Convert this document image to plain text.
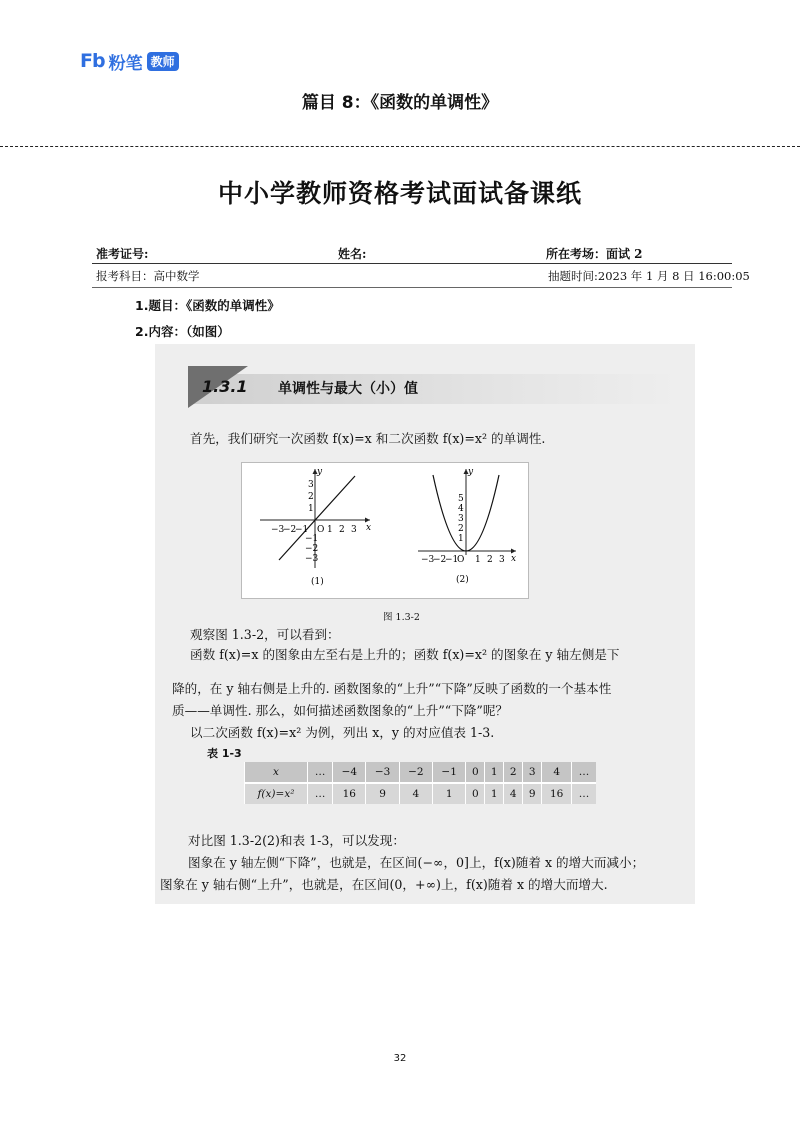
Fb 粉笔 教师
篇目 8：《函数的单调性》
中小学教师资格考试面试备课纸
准考证号:	姓名:	所在考场：面试 2
报考科目：高中数学	抽题时间:2023 年 1 月 8 日 16:00:05
1.题目：《函数的单调性》
2.内容：（如图）
1.3.1 单调性与最大（小）值
首先，我们研究一次函数 f(x)=x 和二次函数 f(x)=x² 的单调性.
−3
−2
−1 O 1 2 3 x
3
2
1
−1
−2
−3
y
(1)
−3
−2
−1
O 1 2 3 x
5
4
3
2
1
y
(2)
图 1.3-2
观察图 1.3-2，可以看到：
函数 f(x)=x 的图象由左至右是上升的；函数 f(x)=x² 的图象在 y 轴左侧是下
降的，在 y 轴右侧是上升的. 函数图象的“上升”“下降”反映了函数的一个基本性
质——单调性. 那么，如何描述函数图象的“上升”“下降”呢？
以二次函数 f(x)=x² 为例，列出 x，y 的对应值表 1-3.
表 1-3
x	…	−4	−3	−2	−1	0	1	2	3	4	…
f(x)=x²	…	16	9	4	1	0	1	4	9	16	…
对比图 1.3-2(2)和表 1-3，可以发现：
图象在 y 轴左侧“下降”，也就是，在区间(−∞，0]上，f(x)随着 x 的增大而减小；
图象在 y 轴右侧“上升”，也就是，在区间(0，+∞)上，f(x)随着 x 的增大而增大.
32
